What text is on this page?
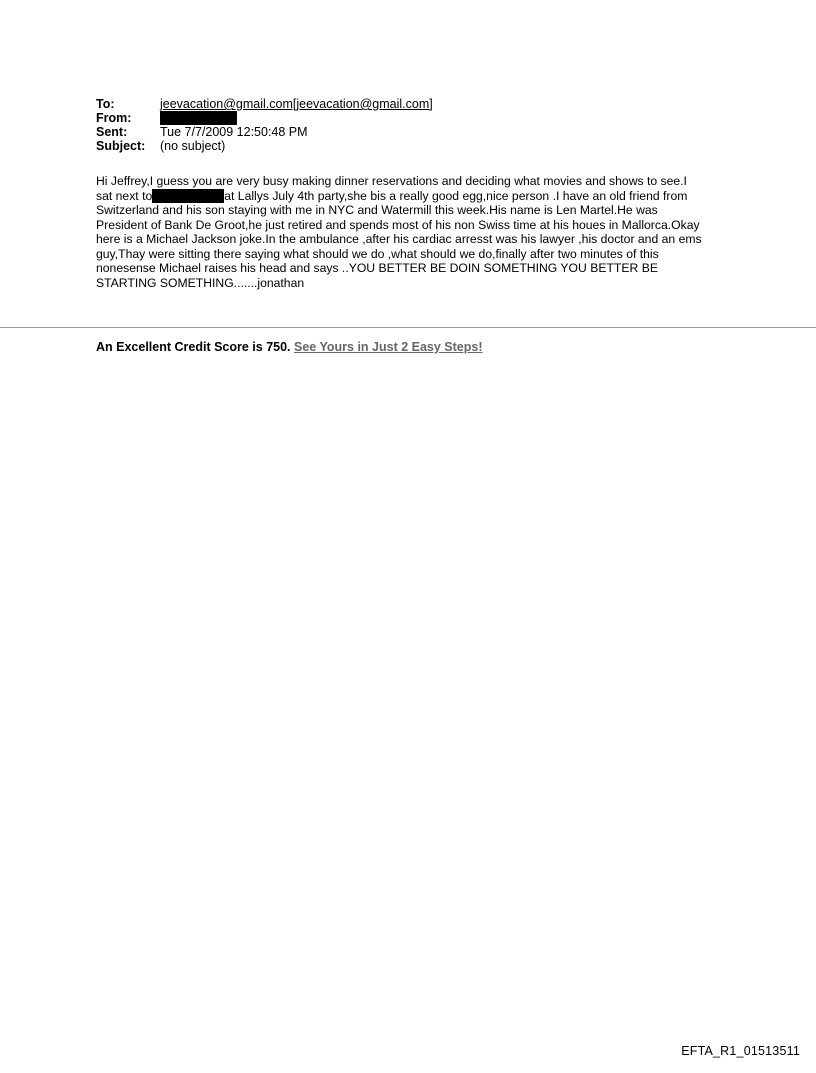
To:	jeevacation@gmail.com[jeevacation@gmail.com]
From:	
Sent:	Tue 7/7/2009 12:50:48 PM
Subject:	(no subject)
Hi Jeffrey,I guess you are very busy making dinner reservations and deciding what movies and shows to see.I
sat next to	at Lallys July 4th party,she bis a really good egg,nice person .I have an old friend from
Switzerland and his son staying with me in NYC and Watermill this week.His name is Len Martel.He was
President of Bank De Groot,he just retired and spends most of his non Swiss time at his houes in Mallorca.Okay
here is a Michael Jackson joke.In the ambulance ,after his cardiac arresst was his lawyer ,his doctor and an ems
guy,Thay were sitting there saying what should we do ,what should we do,finally after two minutes of this
nonesense Michael raises his head and says ..YOU BETTER BE DOIN SOMETHING YOU BETTER BE
STARTING SOMETHING.......jonathan
An Excellent Credit Score is 750. See Yours in Just 2 Easy Steps!
EFTA_R1_01513511
